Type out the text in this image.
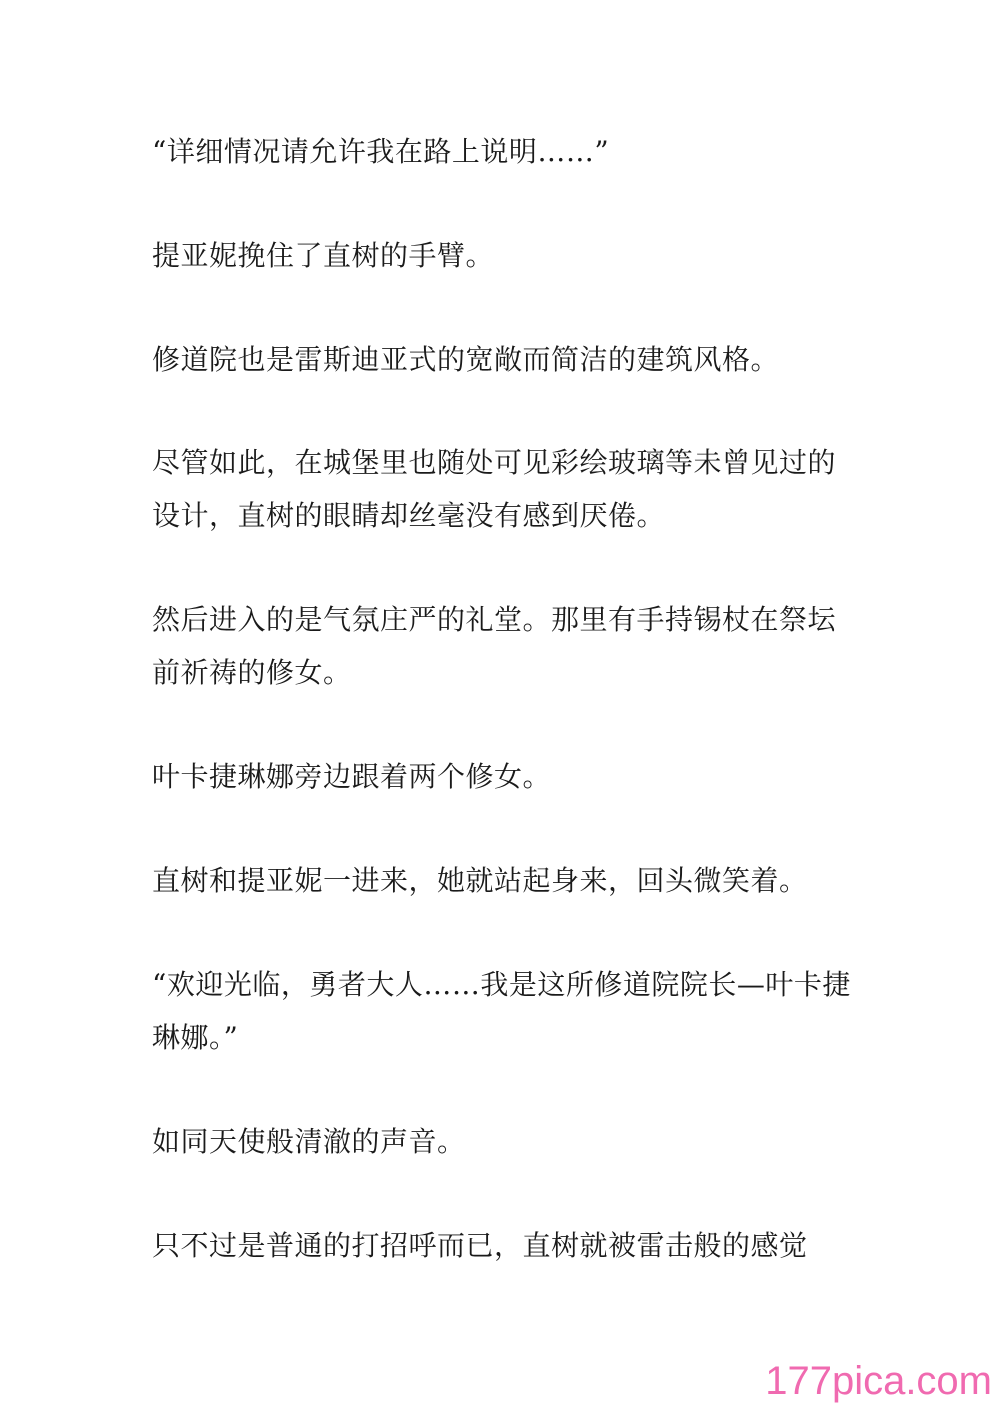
“详细情况请允许我在路上说明……”

提亚妮挽住了直树的手臂。

修道院也是雷斯迪亚式的宽敞而简洁的建筑风格。

尽管如此，在城堡里也随处可见彩绘玻璃等未曾见过的设计，直树的眼睛却丝毫没有感到厌倦。

然后进入的是气氛庄严的礼堂。那里有手持锡杖在祭坛前祈祷的修女。

叶卡捷琳娜旁边跟着两个修女。

直树和提亚妮一进来，她就站起身来，回头微笑着。

“欢迎光临，勇者大人……我是这所修道院院长—叶卡捷琳娜。”

如同天使般清澈的声音。

只不过是普通的打招呼而已，直树就被雷击般的感觉

177pica.com
